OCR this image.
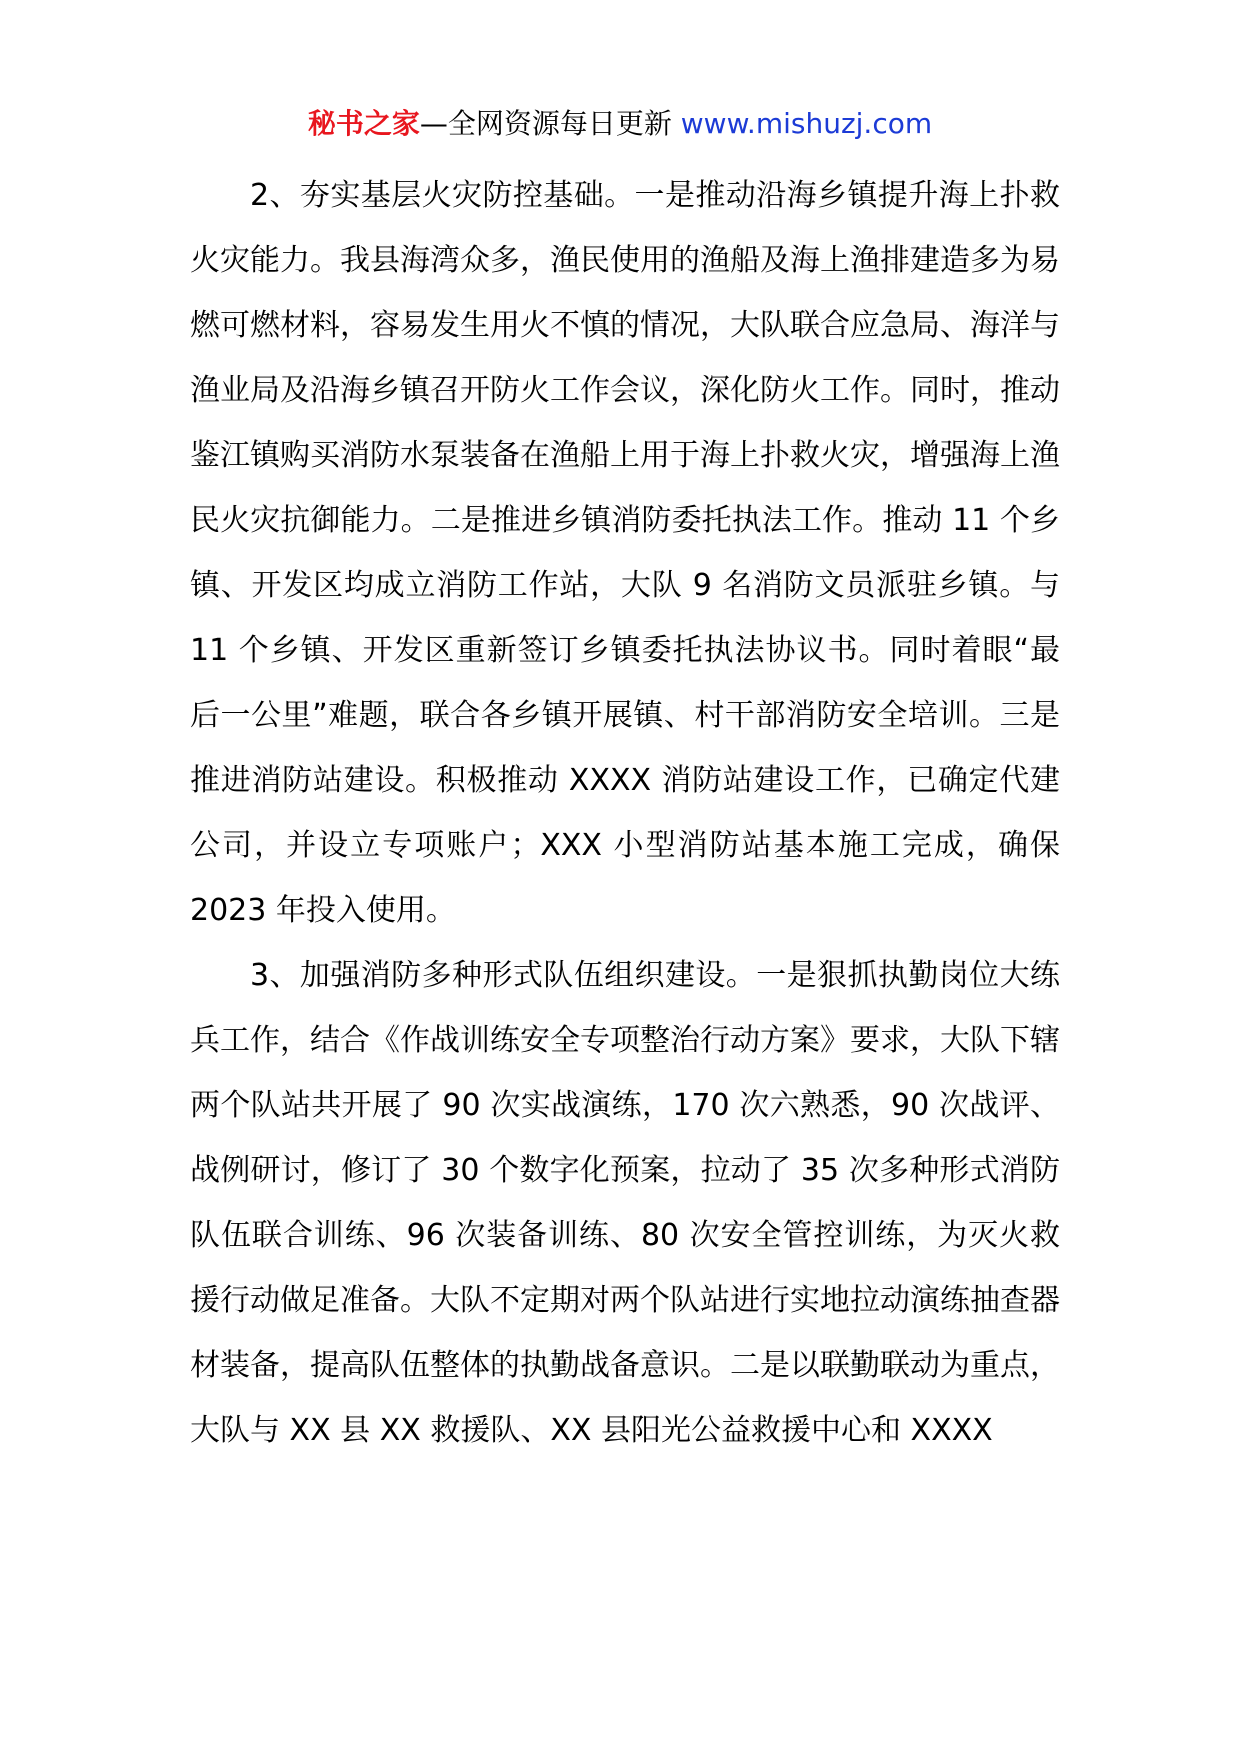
秘书之家—全网资源每日更新 www.mishuzj.com

2、夯实基层火灾防控基础。一是推动沿海乡镇提升海上扑救火灾能力。我县海湾众多，渔民使用的渔船及海上渔排建造多为易燃可燃材料，容易发生用火不慎的情况，大队联合应急局、海洋与渔业局及沿海乡镇召开防火工作会议，深化防火工作。同时，推动鉴江镇购买消防水泵装备在渔船上用于海上扑救火灾，增强海上渔民火灾抗御能力。二是推进乡镇消防委托执法工作。推动 11 个乡镇、开发区均成立消防工作站，大队 9 名消防文员派驻乡镇。与 11 个乡镇、开发区重新签订乡镇委托执法协议书。同时着眼“最后一公里”难题，联合各乡镇开展镇、村干部消防安全培训。三是推进消防站建设。积极推动 XXXX 消防站建设工作，已确定代建公司，并设立专项账户；XXX 小型消防站基本施工完成，确保 2023 年投入使用。

3、加强消防多种形式队伍组织建设。一是狠抓执勤岗位大练兵工作，结合《作战训练安全专项整治行动方案》要求，大队下辖两个队站共开展了 90 次实战演练，170 次六熟悉，90 次战评、战例研讨，修订了 30 个数字化预案，拉动了 35 次多种形式消防队伍联合训练、96 次装备训练、80 次安全管控训练，为灭火救援行动做足准备。大队不定期对两个队站进行实地拉动演练抽查器材装备，提高队伍整体的执勤战备意识。二是以联勤联动为重点，大队与 XX 县 XX 救援队、XX 县阳光公益救援中心和 XXXX
